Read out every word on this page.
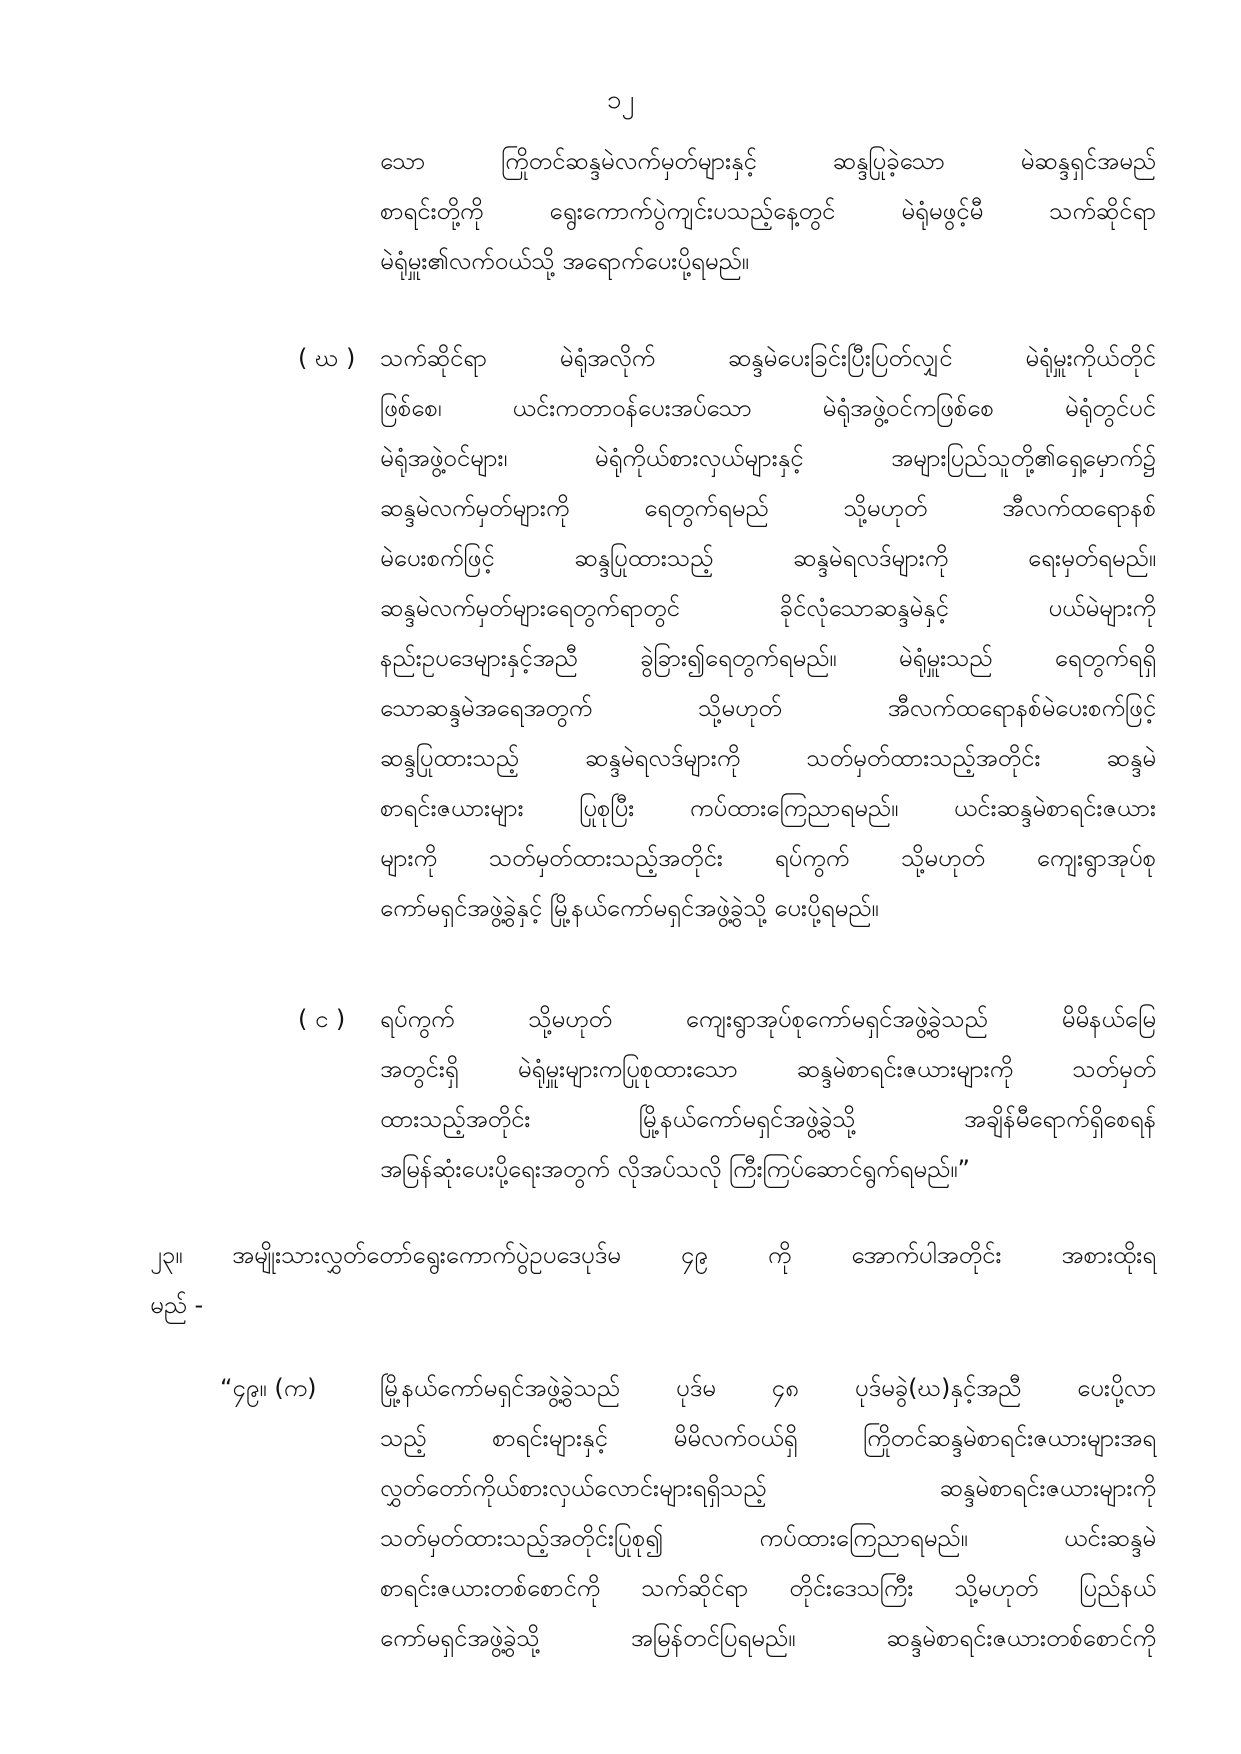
၁၂
သော ကြိုတင်ဆန္ဒမဲလက်မှတ်များနှင့် ဆန္ဒပြုခဲ့သော မဲဆန္ဒရှင်အမည်
စာရင်းတို့ကို ရွေးကောက်ပွဲကျင်းပသည့်နေ့တွင် မဲရုံမဖွင့်မီ သက်ဆိုင်ရာ
မဲရုံမှူး၏လက်ဝယ်သို့ အရောက်ပေးပို့ရမည်။
( ဃ ) သက်ဆိုင်ရာ မဲရုံအလိုက် ဆန္ဒမဲပေးခြင်းပြီးပြတ်လျှင် မဲရုံမှူးကိုယ်တိုင်
ဖြစ်စေ၊ ယင်းကတာဝန်ပေးအပ်သော မဲရုံအဖွဲ့ဝင်ကဖြစ်စေ မဲရုံတွင်ပင်
မဲရုံအဖွဲ့ဝင်များ၊ မဲရုံကိုယ်စားလှယ်များနှင့် အများပြည်သူတို့၏ရှေ့မှောက်၌
ဆန္ဒမဲလက်မှတ်များကို ရေတွက်ရမည် သို့မဟုတ် အီလက်ထရောနစ်
မဲပေးစက်ဖြင့် ဆန္ဒပြုထားသည့် ဆန္ဒမဲရလဒ်များကို ရေးမှတ်ရမည်။
ဆန္ဒမဲလက်မှတ်များရေတွက်ရာတွင် ခိုင်လုံသောဆန္ဒမဲနှင့် ပယ်မဲများကို
နည်းဥပဒေများနှင့်အညီ ခွဲခြား၍ရေတွက်ရမည်။ မဲရုံမှူးသည် ရေတွက်ရရှိ
သောဆန္ဒမဲအရေအတွက် သို့မဟုတ် အီလက်ထရောနစ်မဲပေးစက်ဖြင့်
ဆန္ဒပြုထားသည့် ဆန္ဒမဲရလဒ်များကို သတ်မှတ်ထားသည့်အတိုင်း ဆန္ဒမဲ
စာရင်းဇယားများ ပြုစုပြီး ကပ်ထားကြေညာရမည်။ ယင်းဆန္ဒမဲစာရင်းဇယား
များကို သတ်မှတ်ထားသည့်အတိုင်း ရပ်ကွက် သို့မဟုတ် ကျေးရွာအုပ်စု
ကော်မရှင်အဖွဲ့ခွဲနှင့် မြို့နယ်ကော်မရှင်အဖွဲ့ခွဲသို့ ပေးပို့ရမည်။
( င ) ရပ်ကွက် သို့မဟုတ် ကျေးရွာအုပ်စုကော်မရှင်အဖွဲ့ခွဲသည် မိမိနယ်မြေ
အတွင်းရှိ မဲရုံမှူးများကပြုစုထားသော ဆန္ဒမဲစာရင်းဇယားများကို သတ်မှတ်
ထားသည့်အတိုင်း မြို့နယ်ကော်မရှင်အဖွဲ့ခွဲသို့ အချိန်မီရောက်ရှိစေရန်
အမြန်ဆုံးပေးပို့ရေးအတွက် လိုအပ်သလို ကြီးကြပ်ဆောင်ရွက်ရမည်။”
၂၃။ အမျိုးသားလွှတ်တော်ရွေးကောက်ပွဲဥပဒေပုဒ်မ ၄၉ ကို အောက်ပါအတိုင်း အစားထိုးရ
မည် -
“၄၉။ (က)	မြို့နယ်ကော်မရှင်အဖွဲ့ခွဲသည် ပုဒ်မ ၄၈ ပုဒ်မခွဲ(ဃ)နှင့်အညီ ပေးပို့လာ
သည့် စာရင်းများနှင့် မိမိလက်ဝယ်ရှိ ကြိုတင်ဆန္ဒမဲစာရင်းဇယားများအရ
လွှတ်တော်ကိုယ်စားလှယ်လောင်းများရရှိသည့် ဆန္ဒမဲစာရင်းဇယားများကို
သတ်မှတ်ထားသည့်အတိုင်းပြုစု၍ ကပ်ထားကြေညာရမည်။ ယင်းဆန္ဒမဲ
စာရင်းဇယားတစ်စောင်ကို သက်ဆိုင်ရာ တိုင်းဒေသကြီး သို့မဟုတ် ပြည်နယ်
ကော်မရှင်အဖွဲ့ခွဲသို့ အမြန်တင်ပြရမည်။ ဆန္ဒမဲစာရင်းဇယားတစ်စောင်ကို
